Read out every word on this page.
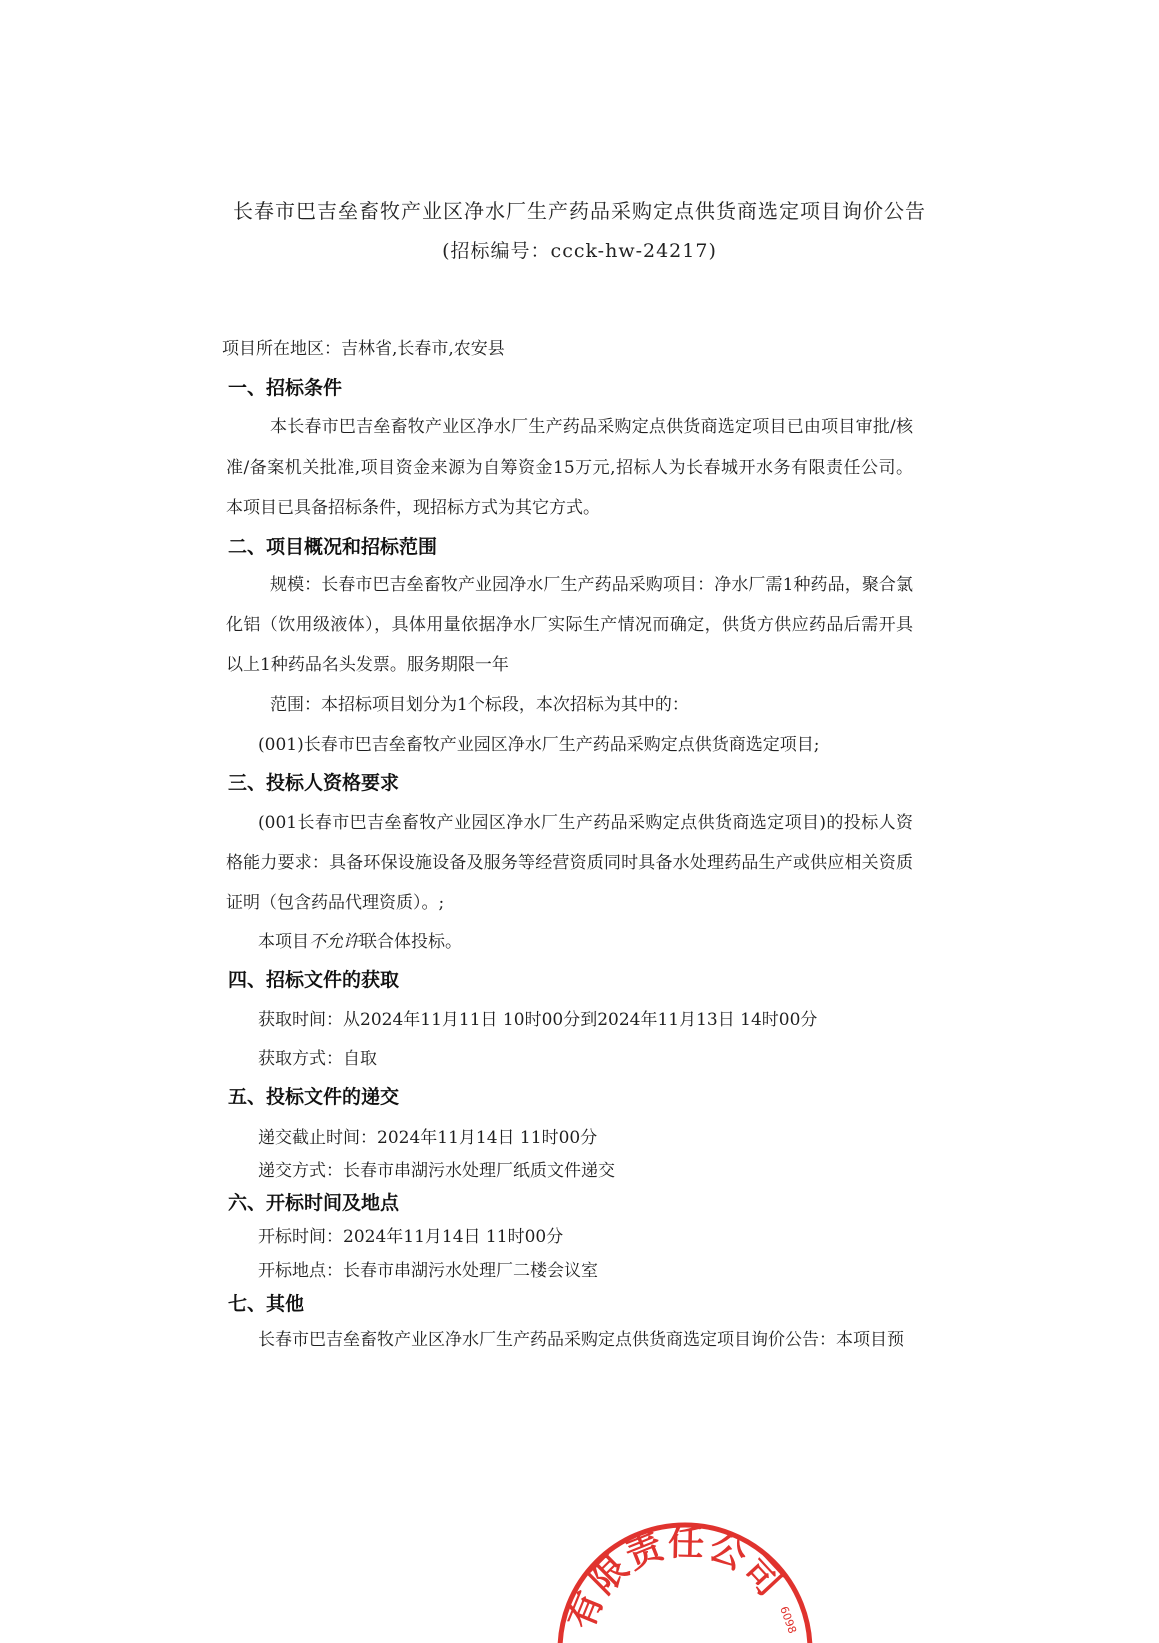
长春市巴吉垒畜牧产业区净水厂生产药品采购定点供货商选定项目询价公告
(招标编号：ccck-hw-24217)
项目所在地区：吉林省,长春市,农安县
一、招标条件
本长春市巴吉垒畜牧产业区净水厂生产药品采购定点供货商选定项目已由项目审批/核
准/备案机关批准,项目资金来源为自筹资金15万元,招标人为长春城开水务有限责任公司。
本项目已具备招标条件，现招标方式为其它方式。
二、项目概况和招标范围
规模：长春市巴吉垒畜牧产业园净水厂生产药品采购项目：净水厂需1种药品，聚合氯
化铝（饮用级液体），具体用量依据净水厂实际生产情况而确定，供货方供应药品后需开具
以上1种药品名头发票。服务期限一年
范围：本招标项目划分为1个标段，本次招标为其中的：
(001)长春市巴吉垒畜牧产业园区净水厂生产药品采购定点供货商选定项目;
三、投标人资格要求
(001长春市巴吉垒畜牧产业园区净水厂生产药品采购定点供货商选定项目)的投标人资
格能力要求：具备环保设施设备及服务等经营资质同时具备水处理药品生产或供应相关资质
证明（包含药品代理资质）。;
本项目不允许联合体投标。
四、招标文件的获取
获取时间：从2024年11月11日 10时00分到2024年11月13日 14时00分
获取方式：自取
五、投标文件的递交
递交截止时间：2024年11月14日 11时00分
递交方式：长春市串湖污水处理厂纸质文件递交
六、开标时间及地点
开标时间：2024年11月14日 11时00分
开标地点：长春市串湖污水处理厂二楼会议室
七、其他
长春市巴吉垒畜牧产业区净水厂生产药品采购定点供货商选定项目询价公告：本项目预
有限责任公司
6098
